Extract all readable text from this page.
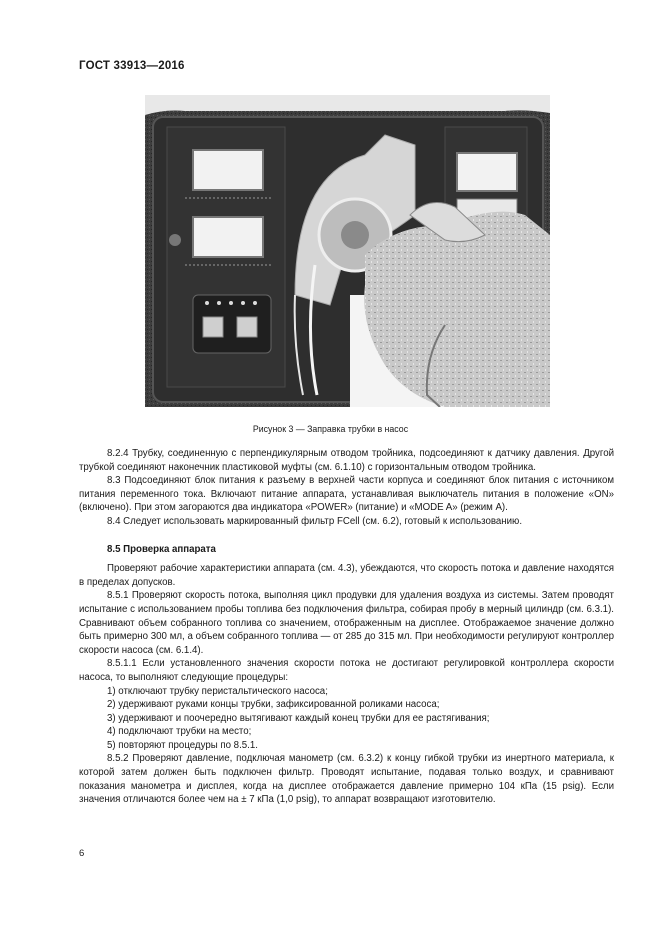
ГОСТ 33913—2016
Рисунок 3 — Заправка трубки в насос

8.2.4 Трубку, соединенную с перпендикулярным отводом тройника, подсоединяют к датчику давления. Другой трубкой соединяют наконечник пластиковой муфты (см. 6.1.10) с горизонтальным отводом тройника.

8.3 Подсоединяют блок питания к разъему в верхней части корпуса и соединяют блок питания с источником питания переменного тока. Включают питание аппарата, устанавливая выключатель питания в положение «ON» (включено). При этом загораются два индикатора «POWER» (питание) и «MODE A» (режим А).

8.4 Следует использовать маркированный фильтр FCell (см. 6.2), готовый к использованию.

8.5 Проверка аппарата

Проверяют рабочие характеристики аппарата (см. 4.3), убеждаются, что скорость потока и давление находятся в пределах допусков.

8.5.1 Проверяют скорость потока, выполняя цикл продувки для удаления воздуха из системы. Затем проводят испытание с использованием пробы топлива без подключения фильтра, собирая пробу в мерный цилиндр (см. 6.3.1). Сравнивают объем собранного топлива со значением, отображенным на дисплее. Отображаемое значение должно быть примерно 300 мл, а объем собранного топлива — от 285 до 315 мл. При необходимости регулируют контроллер скорости насоса (см. 6.1.4).

8.5.1.1 Если установленного значения скорости потока не достигают регулировкой контроллера скорости насоса, то выполняют следующие процедуры:

1) отключают трубку перистальтического насоса;

2) удерживают руками концы трубки, зафиксированной роликами насоса;

3) удерживают и поочередно вытягивают каждый конец трубки для ее растягивания;

4) подключают трубки на место;

5) повторяют процедуры по 8.5.1.

8.5.2 Проверяют давление, подключая манометр (см. 6.3.2) к концу гибкой трубки из инертного материала, к которой затем должен быть подключен фильтр. Проводят испытание, подавая только воздух, и сравнивают показания манометра и дисплея, когда на дисплее отображается давление примерно 104 кПа (15 psig). Если значения отличаются более чем на ± 7 кПа (1,0 psig), то аппарат возвращают изготовителю.

6
